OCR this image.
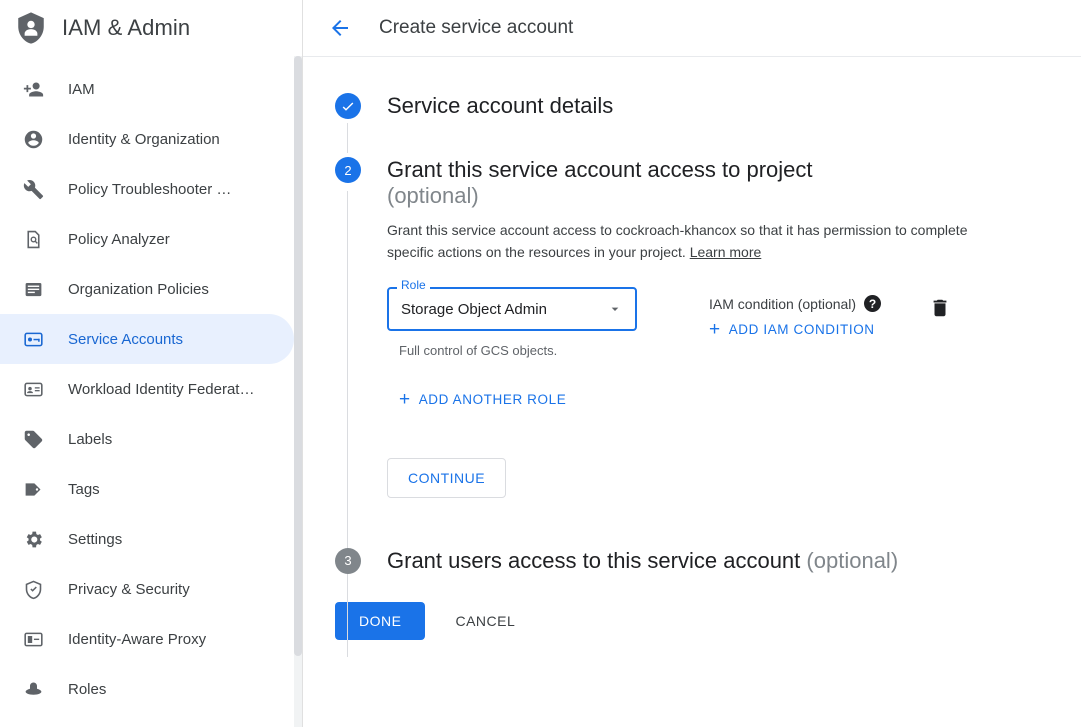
IAM & Admin
IAM
Identity & Organization
Policy Troubleshooter …
Policy Analyzer
Organization Policies
Service Accounts
Workload Identity Federat…
Labels
Tags
Settings
Privacy & Security
Identity-Aware Proxy
Roles
Create service account
Service account details
2	Grant this service account access to project
(optional)

Grant this service account access to cockroach-khancox so that it has permission to complete specific actions on the resources in your project. Learn more

Role
Storage Object Admin
Full control of GCS objects.
IAM condition (optional)	?
+ ADD IAM CONDITION
+ ADD ANOTHER ROLE
CONTINUE
3	Grant users access to this service account (optional)
DONE	CANCEL
